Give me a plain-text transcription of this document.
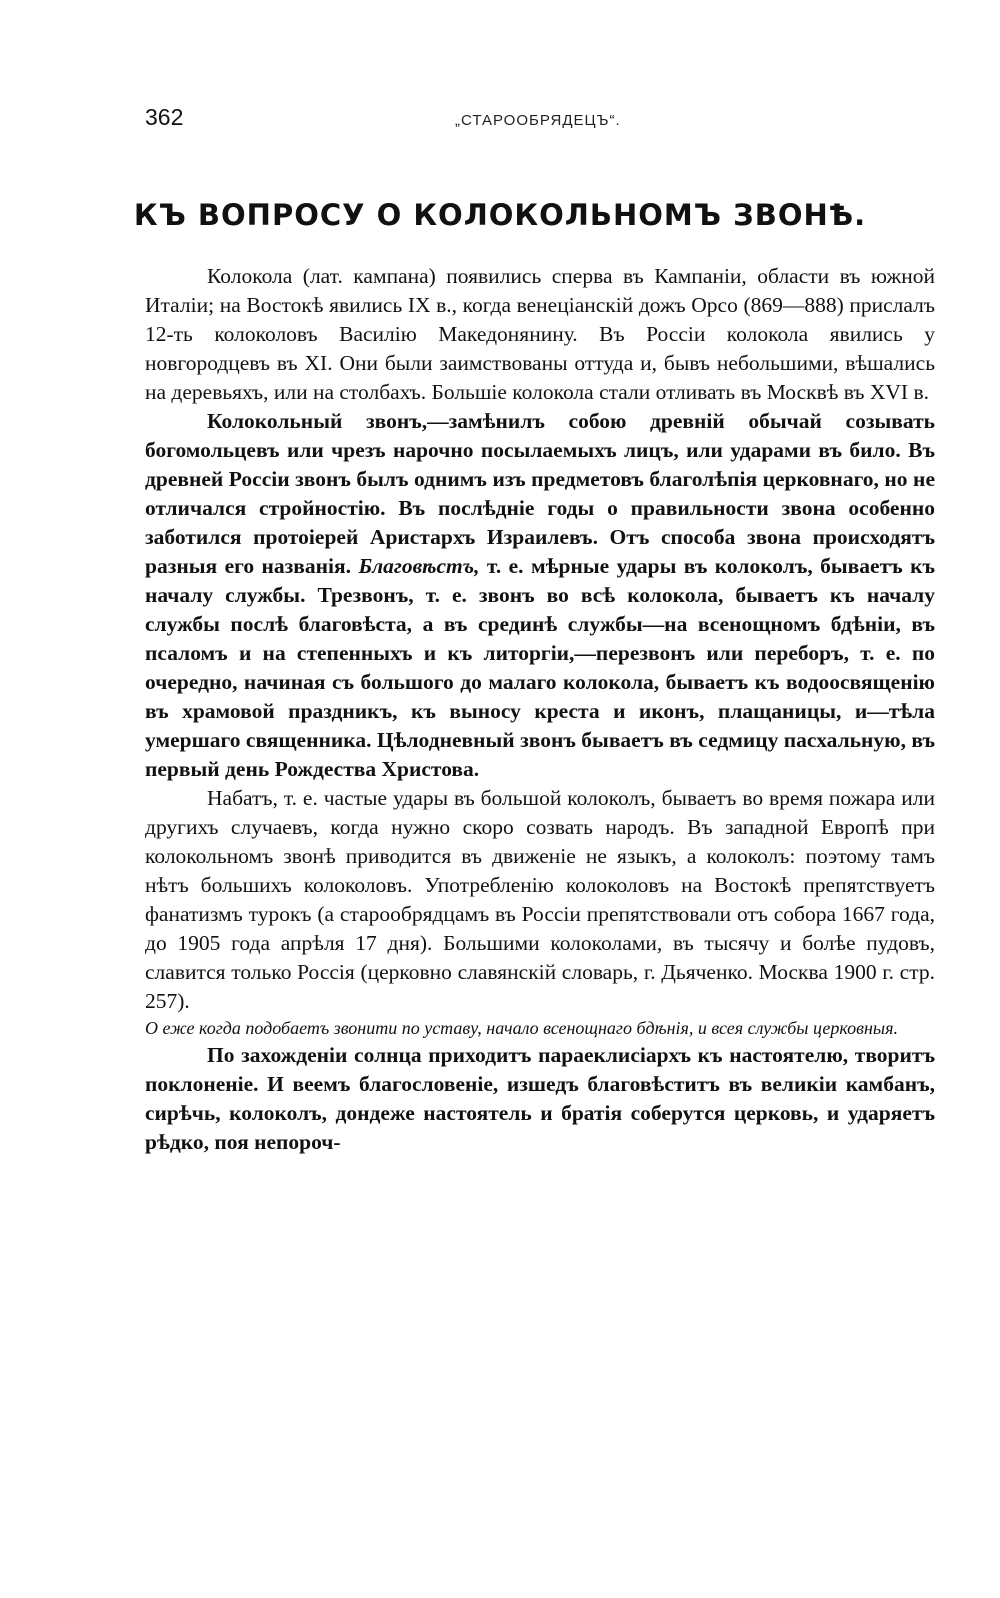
362	„СТАРООБРЯДЕЦЪ“.
КЪ ВОПРОСУ О КОЛОКОЛЬНОМЪ ЗВОНѢ.

Колокола (лат. кампана) появились сперва въ Кампаніи, области въ южной Италіи; на Востокѣ явились IX в., когда венеціанскій дожъ Орсо (869—888) прислалъ 12-ть колоколовъ Василію Македонянину. Въ Россіи колокола явились у новгородцевъ въ XI. Они были заимствованы оттуда и, бывъ небольшими, вѣшались на деревьяхъ, или на столбахъ. Большіе колокола стали отливать въ Москвѣ въ XVI в.

Колокольный звонъ,—замѣнилъ собою древній обычай созывать богомольцевъ или чрезъ нарочно посылаемыхъ лицъ, или ударами въ било. Въ древней Россіи звонъ былъ однимъ изъ предметовъ благолѣпія церковнаго, но не отличался стройностію. Въ послѣдніе годы о правильности звона особенно заботился протоіерей Аристархъ Израилевъ. Отъ способа звона происходятъ разныя его названія. Благовѣстъ, т. е. мѣрные удары въ колоколъ, бываетъ къ началу службы. Трезвонъ, т. е. звонъ во всѣ колокола, бываетъ къ началу службы послѣ благовѣста, а въ срединѣ службы—на всенощномъ бдѣніи, въ псаломъ и на степенныхъ и къ литоргіи,—перезвонъ или переборъ, т. е. по очередно, начиная съ большого до малаго колокола, бываетъ къ водоосвященію въ храмовой праздникъ, къ выносу креста и иконъ, плащаницы, и—тѣла умершаго священника. Цѣлодневный звонъ бываетъ въ седмицу пасхальную, въ первый день Рождества Христова.

Набатъ, т. е. частые удары въ большой колоколъ, бываетъ во время пожара или другихъ случаевъ, когда нужно скоро созвать народъ. Въ западной Европѣ при колокольномъ звонѣ приводится въ движеніе не языкъ, а колоколъ: поэтому тамъ нѣтъ большихъ колоколовъ. Употребленію колоколовъ на Востокѣ препятствуетъ фанатизмъ турокъ (а старообрядцамъ въ Россіи препятствовали отъ собора 1667 года, до 1905 года апрѣля 17 дня). Большими колоколами, въ тысячу и болѣе пудовъ, славится только Россія (церковно славянскій словарь, г. Дьяченко. Москва 1900 г. стр. 257).

О еже когда подобаетъ звонити по уставу, начало всенощнаго бдѣнія, и всея службы церковныя.

По захожденіи солнца приходитъ параеклисіархъ къ настоятелю, творитъ поклоненіе. И веемъ благословеніе, изшедъ благовѣститъ въ великіи камбанъ, сирѣчь, колоколъ, дондеже настоятель и братія соберутся церковь, и ударяетъ рѣдко, поя непороч-
